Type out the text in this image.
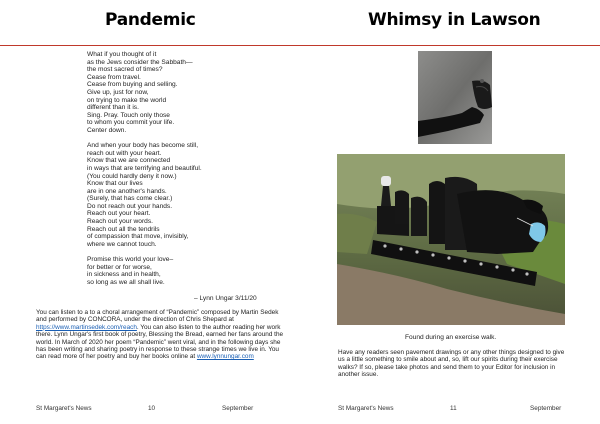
Pandemic
What if you thought of it
as the Jews consider the Sabbath—
the most sacred of times?
Cease from travel.
Cease from buying and selling.
Give up, just for now,
on trying to make the world
different than it is.
Sing. Pray. Touch only those
to whom you commit your life.
Center down.
And when your body has become still,
reach out with your heart.
Know that we are connected
in ways that are terrifying and beautiful.
(You could hardly deny it now.)
Know that our lives
are in one another's hands.
(Surely, that has come clear.)
Do not reach out your hands.
Reach out your heart.
Reach out your words.
Reach out all the tendrils
of compassion that move, invisibly,
where we cannot touch.
Promise this world your love–
for better or for worse,
in sickness and in health,
so long as we all shall live.
– Lynn Ungar 3/11/20
You can listen to a to a choral arrangement of “Pandemic” composed by Martin Sedek and performed by CONCORA, under the direction of Chris Shepard at https://www.martinsedek.com/reach. You can also listen to the author reading her work there. Lynn Ungar's first book of poetry, Blessing the Bread, earned her fans around the world. In March of 2020 her poem “Pandemic” went viral, and in the following days she has been writing and sharing poetry in response to these strange times we live in. You can read more of her poetry and buy her books online at www.lynnungar.com
St Margaret's News	10	September
Whimsy in Lawson
Found during an exercise walk.
Have any readers seen pavement drawings or any other things designed to give us a little something to smile about and, so, lift our spirits during their exercise walks? If so, please take photos and send them to your Editor for inclusion in another issue.
St Margaret's News	11	September
